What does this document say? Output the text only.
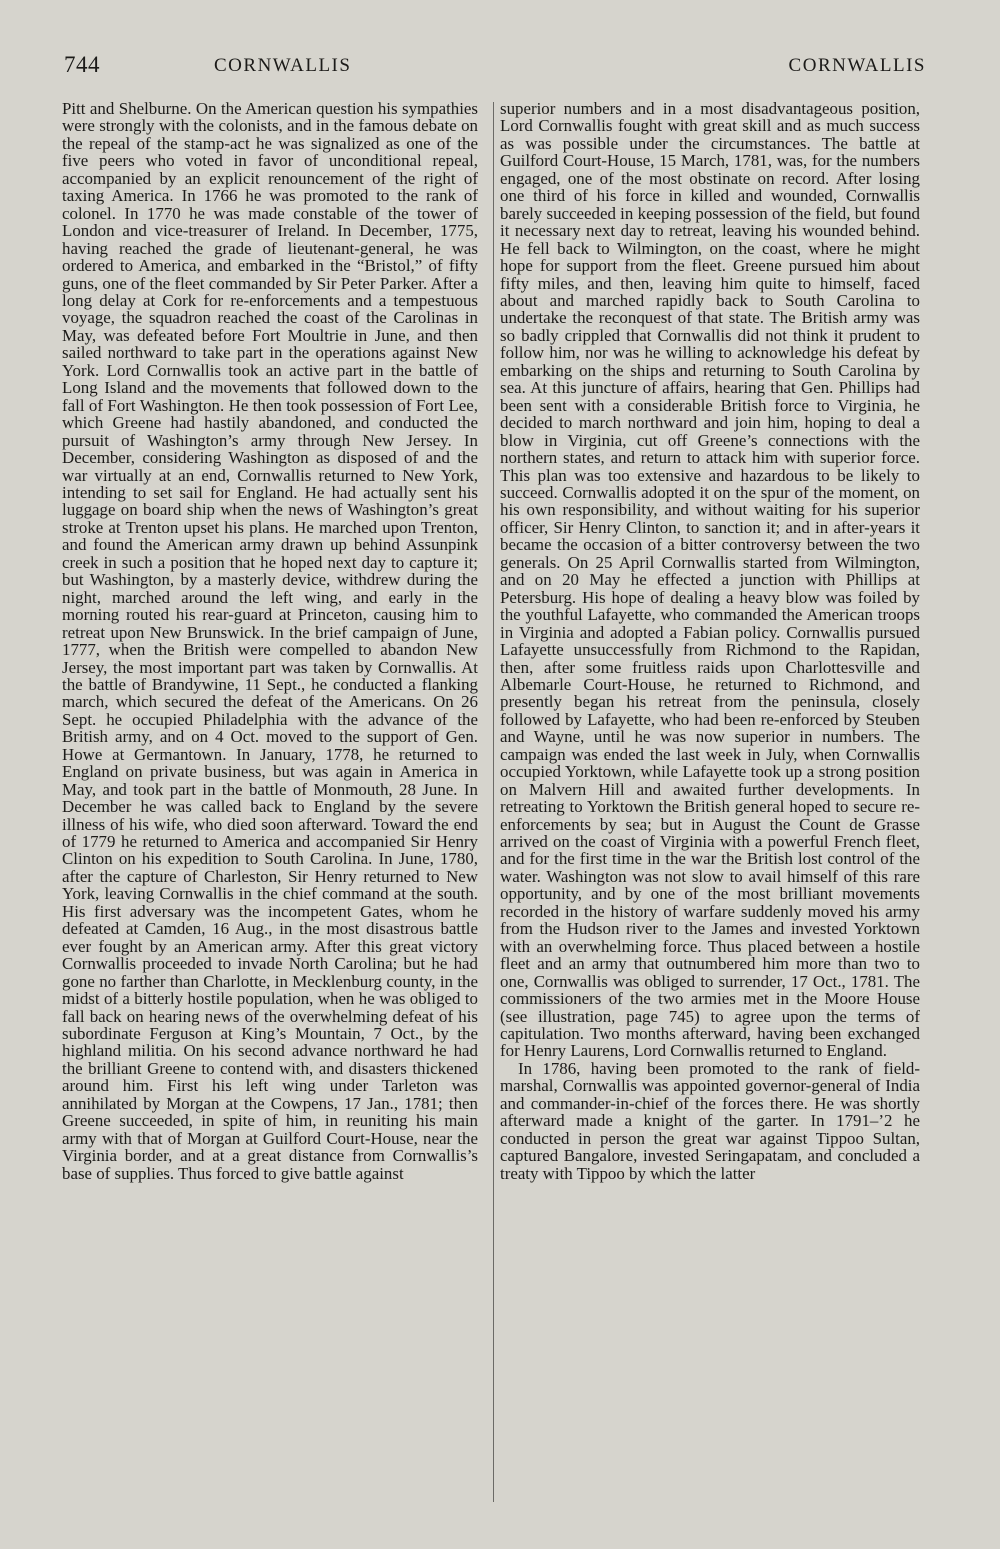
744	CORNWALLIS	CORNWALLIS

Pitt and Shelburne. On the American question his sympathies were strongly with the colonists, and in the famous debate on the repeal of the stamp-act he was signalized as one of the five peers who voted in favor of unconditional repeal, accompanied by an explicit renouncement of the right of taxing America. In 1766 he was promoted to the rank of colonel. In 1770 he was made constable of the tower of London and vice-treasurer of Ireland. In December, 1775, having reached the grade of lieutenant-general, he was ordered to America, and embarked in the “Bristol,” of fifty guns, one of the fleet commanded by Sir Peter Parker. After a long delay at Cork for re-enforcements and a tempestuous voyage, the squadron reached the coast of the Carolinas in May, was defeated before Fort Moultrie in June, and then sailed northward to take part in the operations against New York. Lord Cornwallis took an active part in the battle of Long Island and the movements that followed down to the fall of Fort Washington. He then took possession of Fort Lee, which Greene had hastily abandoned, and conducted the pursuit of Washington’s army through New Jersey. In December, considering Washington as disposed of and the war virtually at an end, Cornwallis returned to New York, intending to set sail for England. He had actually sent his luggage on board ship when the news of Washington’s great stroke at Trenton upset his plans. He marched upon Trenton, and found the American army drawn up behind Assunpink creek in such a position that he hoped next day to capture it; but Washington, by a masterly device, withdrew during the night, marched around the left wing, and early in the morning routed his rear-guard at Princeton, causing him to retreat upon New Brunswick. In the brief campaign of June, 1777, when the British were compelled to abandon New Jersey, the most important part was taken by Cornwallis. At the battle of Brandywine, 11 Sept., he conducted a flanking march, which secured the defeat of the Americans. On 26 Sept. he occupied Philadelphia with the advance of the British army, and on 4 Oct. moved to the support of Gen. Howe at Germantown. In January, 1778, he returned to England on private business, but was again in America in May, and took part in the battle of Monmouth, 28 June. In December he was called back to England by the severe illness of his wife, who died soon afterward. Toward the end of 1779 he returned to America and accompanied Sir Henry Clinton on his expedition to South Carolina. In June, 1780, after the capture of Charleston, Sir Henry returned to New York, leaving Cornwallis in the chief command at the south. His first adversary was the incompetent Gates, whom he defeated at Camden, 16 Aug., in the most disastrous battle ever fought by an American army. After this great victory Cornwallis proceeded to invade North Carolina; but he had gone no farther than Charlotte, in Mecklenburg county, in the midst of a bitterly hostile population, when he was obliged to fall back on hearing news of the overwhelming defeat of his subordinate Ferguson at King’s Mountain, 7 Oct., by the highland militia. On his second advance northward he had the brilliant Greene to contend with, and disasters thickened around him. First his left wing under Tarleton was annihilated by Morgan at the Cowpens, 17 Jan., 1781; then Greene succeeded, in spite of him, in reuniting his main army with that of Morgan at Guilford Court-House, near the Virginia border, and at a great distance from Cornwallis’s base of supplies. Thus forced to give battle against

superior numbers and in a most disadvantageous position, Lord Cornwallis fought with great skill and as much success as was possible under the circumstances. The battle at Guilford Court-House, 15 March, 1781, was, for the numbers engaged, one of the most obstinate on record. After losing one third of his force in killed and wounded, Cornwallis barely succeeded in keeping possession of the field, but found it necessary next day to retreat, leaving his wounded behind. He fell back to Wilmington, on the coast, where he might hope for support from the fleet. Greene pursued him about fifty miles, and then, leaving him quite to himself, faced about and marched rapidly back to South Carolina to undertake the reconquest of that state. The British army was so badly crippled that Cornwallis did not think it prudent to follow him, nor was he willing to acknowledge his defeat by embarking on the ships and returning to South Carolina by sea. At this juncture of affairs, hearing that Gen. Phillips had been sent with a considerable British force to Virginia, he decided to march northward and join him, hoping to deal a blow in Virginia, cut off Greene’s connections with the northern states, and return to attack him with superior force. This plan was too extensive and hazardous to be likely to succeed. Cornwallis adopted it on the spur of the moment, on his own responsibility, and without waiting for his superior officer, Sir Henry Clinton, to sanction it; and in after-years it became the occasion of a bitter controversy between the two generals. On 25 April Cornwallis started from Wilmington, and on 20 May he effected a junction with Phillips at Petersburg. His hope of dealing a heavy blow was foiled by the youthful Lafayette, who commanded the American troops in Virginia and adopted a Fabian policy. Cornwallis pursued Lafayette unsuccessfully from Richmond to the Rapidan, then, after some fruitless raids upon Charlottesville and Albemarle Court-House, he returned to Richmond, and presently began his retreat from the peninsula, closely followed by Lafayette, who had been re-enforced by Steuben and Wayne, until he was now superior in numbers. The campaign was ended the last week in July, when Cornwallis occupied Yorktown, while Lafayette took up a strong position on Malvern Hill and awaited further developments. In retreating to Yorktown the British general hoped to secure re-enforcements by sea; but in August the Count de Grasse arrived on the coast of Virginia with a powerful French fleet, and for the first time in the war the British lost control of the water. Washington was not slow to avail himself of this rare opportunity, and by one of the most brilliant movements recorded in the history of warfare suddenly moved his army from the Hudson river to the James and invested Yorktown with an overwhelming force. Thus placed between a hostile fleet and an army that outnumbered him more than two to one, Cornwallis was obliged to surrender, 17 Oct., 1781. The commissioners of the two armies met in the Moore House (see illustration, page 745) to agree upon the terms of capitulation. Two months afterward, having been exchanged for Henry Laurens, Lord Cornwallis returned to England.

In 1786, having been promoted to the rank of field-marshal, Cornwallis was appointed governor-general of India and commander-in-chief of the forces there. He was shortly afterward made a knight of the garter. In 1791–’2 he conducted in person the great war against Tippoo Sultan, captured Bangalore, invested Seringapatam, and concluded a treaty with Tippoo by which the latter
